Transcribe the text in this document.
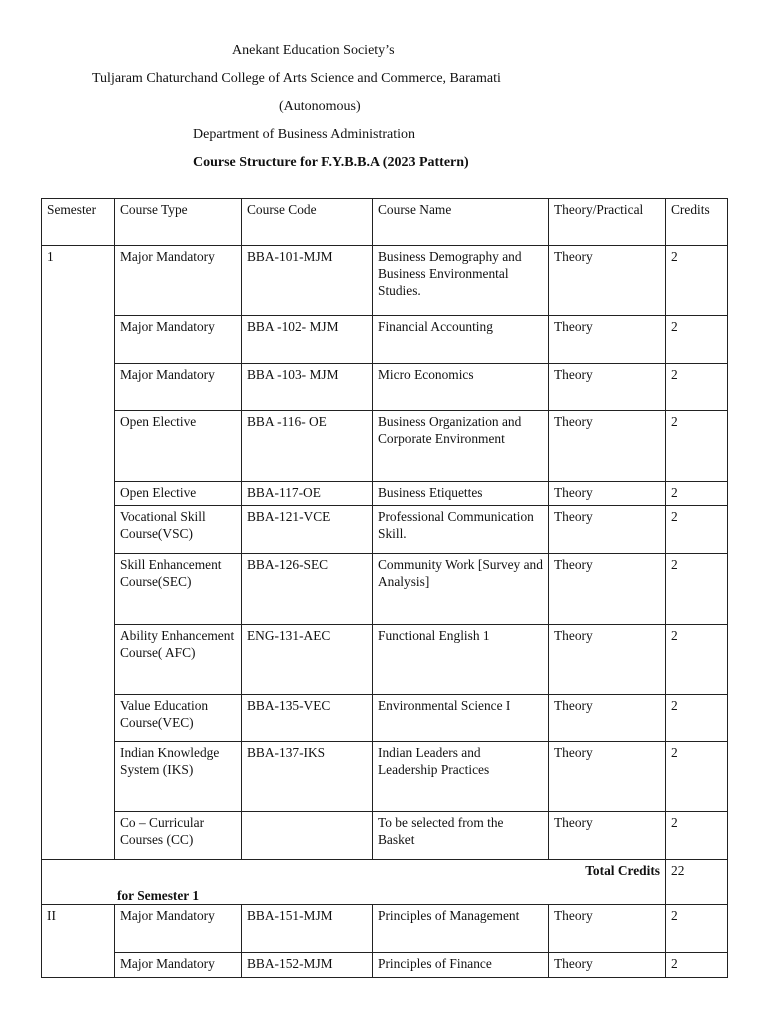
Anekant Education Society’s
Tuljaram Chaturchand College of Arts Science and Commerce, Baramati
(Autonomous)
Department of Business Administration
Course Structure for F.Y.B.B.A (2023 Pattern)
Semester	Course Type	Course Code	Course Name	Theory/Practical	Credits
1	Major Mandatory	BBA-101-MJM	Business Demography and Business Environmental Studies.	Theory	2
	Major Mandatory	BBA -102- MJM	Financial Accounting	Theory	2
	Major Mandatory	BBA -103- MJM	Micro Economics	Theory	2
	Open Elective	BBA -116- OE	Business Organization and Corporate Environment	Theory	2
	Open Elective	BBA-117-OE	Business Etiquettes	Theory	2
	Vocational Skill Course(VSC)	BBA-121-VCE	Professional Communication Skill.	Theory	2
	Skill Enhancement Course(SEC)	BBA-126-SEC	Community Work [Survey and Analysis]	Theory	2
	Ability Enhancement Course( AFC)	ENG-131-AEC	Functional English 1	Theory	2
	Value Education Course(VEC)	BBA-135-VEC	Environmental Science I	Theory	2
	Indian Knowledge System (IKS)	BBA-137-IKS	Indian Leaders and Leadership Practices	Theory	2
	Co – Curricular Courses (CC)		To be selected from the Basket	Theory	2
Total Credits
for Semester 1					22
II	Major Mandatory	BBA-151-MJM	Principles of Management	Theory	2
	Major Mandatory	BBA-152-MJM	Principles of Finance	Theory	2
